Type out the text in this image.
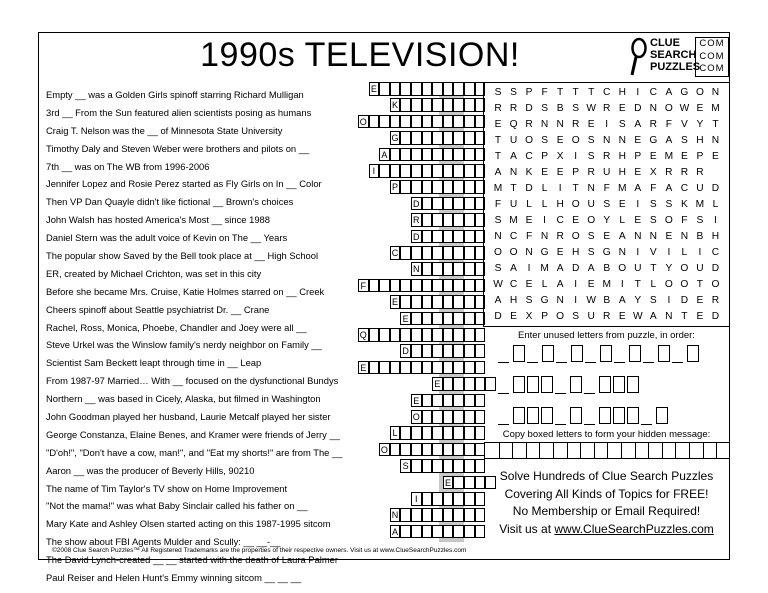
1990s TELEVISION!	CLUE
SEARCH
PUZZLES
COM
COM
COM
Empty __ was a Golden Girls spinoff starring Richard Mulligan
3rd __ From the Sun featured alien scientists posing as humans
Craig T. Nelson was the __ of Minnesota State University
Timothy Daly and Steven Weber were brothers and pilots on __
7th __ was on The WB from 1996-2006
Jennifer Lopez and Rosie Perez started as Fly Girls on In __ Color
Then VP Dan Quayle didn't like fictional __ Brown's choices
John Walsh has hosted America's Most __ since 1988
Daniel Stern was the adult voice of Kevin on The __ Years
The popular show Saved by the Bell took place at __ High School
ER, created by Michael Crichton, was set in this city
Before she became Mrs. Cruise, Katie Holmes starred on __ Creek
Cheers spinoff about Seattle psychiatrist Dr. __ Crane
Rachel, Ross, Monica, Phoebe, Chandler and Joey were all __
Steve Urkel was the Winslow family's nerdy neighbor on Family __
Scientist Sam Beckett leapt through time in __ Leap
From 1987-97 Married… With __ focused on the dysfunctional Bundys
Northern __ was based in Cicely, Alaska, but filmed in Washington
John Goodman played her husband, Laurie Metcalf played her sister
George Constanza, Elaine Benes, and Kramer were friends of Jerry __
"D'oh!", "Don't have a cow, man!", and "Eat my shorts!" are from The __
Aaron __ was the producer of Beverly Hills, 90210
The name of Tim Taylor's TV show on Home Improvement
"Not the mama!" was what Baby Sinclair called his father on __
Mary Kate and Ashley Olsen started acting on this 1987-1995 sitcom
The show about FBI Agents Mulder and Scully: __ __-__
The David Lynch-created __ __ started with the death of Laura Palmer
Paul Reiser and Helen Hunt's Emmy winning sitcom __ __ __
E
K
O
G
A
I
P
D
R
D
C
N
F
E
E
Q
D
E
E
E
O
L
O
S
E
I
N
A
S S P F T T T C H	I	C A G O N
R R D S B S W R E D N O W E M
E Q R N N R E	I	S A R F V Y T
T U O S E O S N N E G A S H N
T A C P X	I	S R H P E M E P E
A N K E E P R U H E X R R R
M T D L	I	T N F M A F A C U D
F U L L H O U S E	I	S S K M L
S M E	I	C E O Y L E S O F S	I
N C F N R O S E A N N E N B H
O O N G E H S G N	I	V	I	L	I	C
S A	I M A D A B O U T Y O U D
W C E L A	I	E M I	T L O O T O
A H S G N	I W B A Y S	I	D E R
D E X P O S U R E W A N T E D
Enter unused letters from puzzle, in order:
Copy boxed letters to form your hidden message:
Solve Hundreds of Clue Search Puzzles
Covering All Kinds of Topics for FREE!
No Membership or Email Required!
Visit us at www.ClueSearchPuzzles.com
©2008 Clue Search Puzzles™ All Registered Trademarks are the properties of their respective owners. Visit us at www.ClueSearchPuzzles.com
